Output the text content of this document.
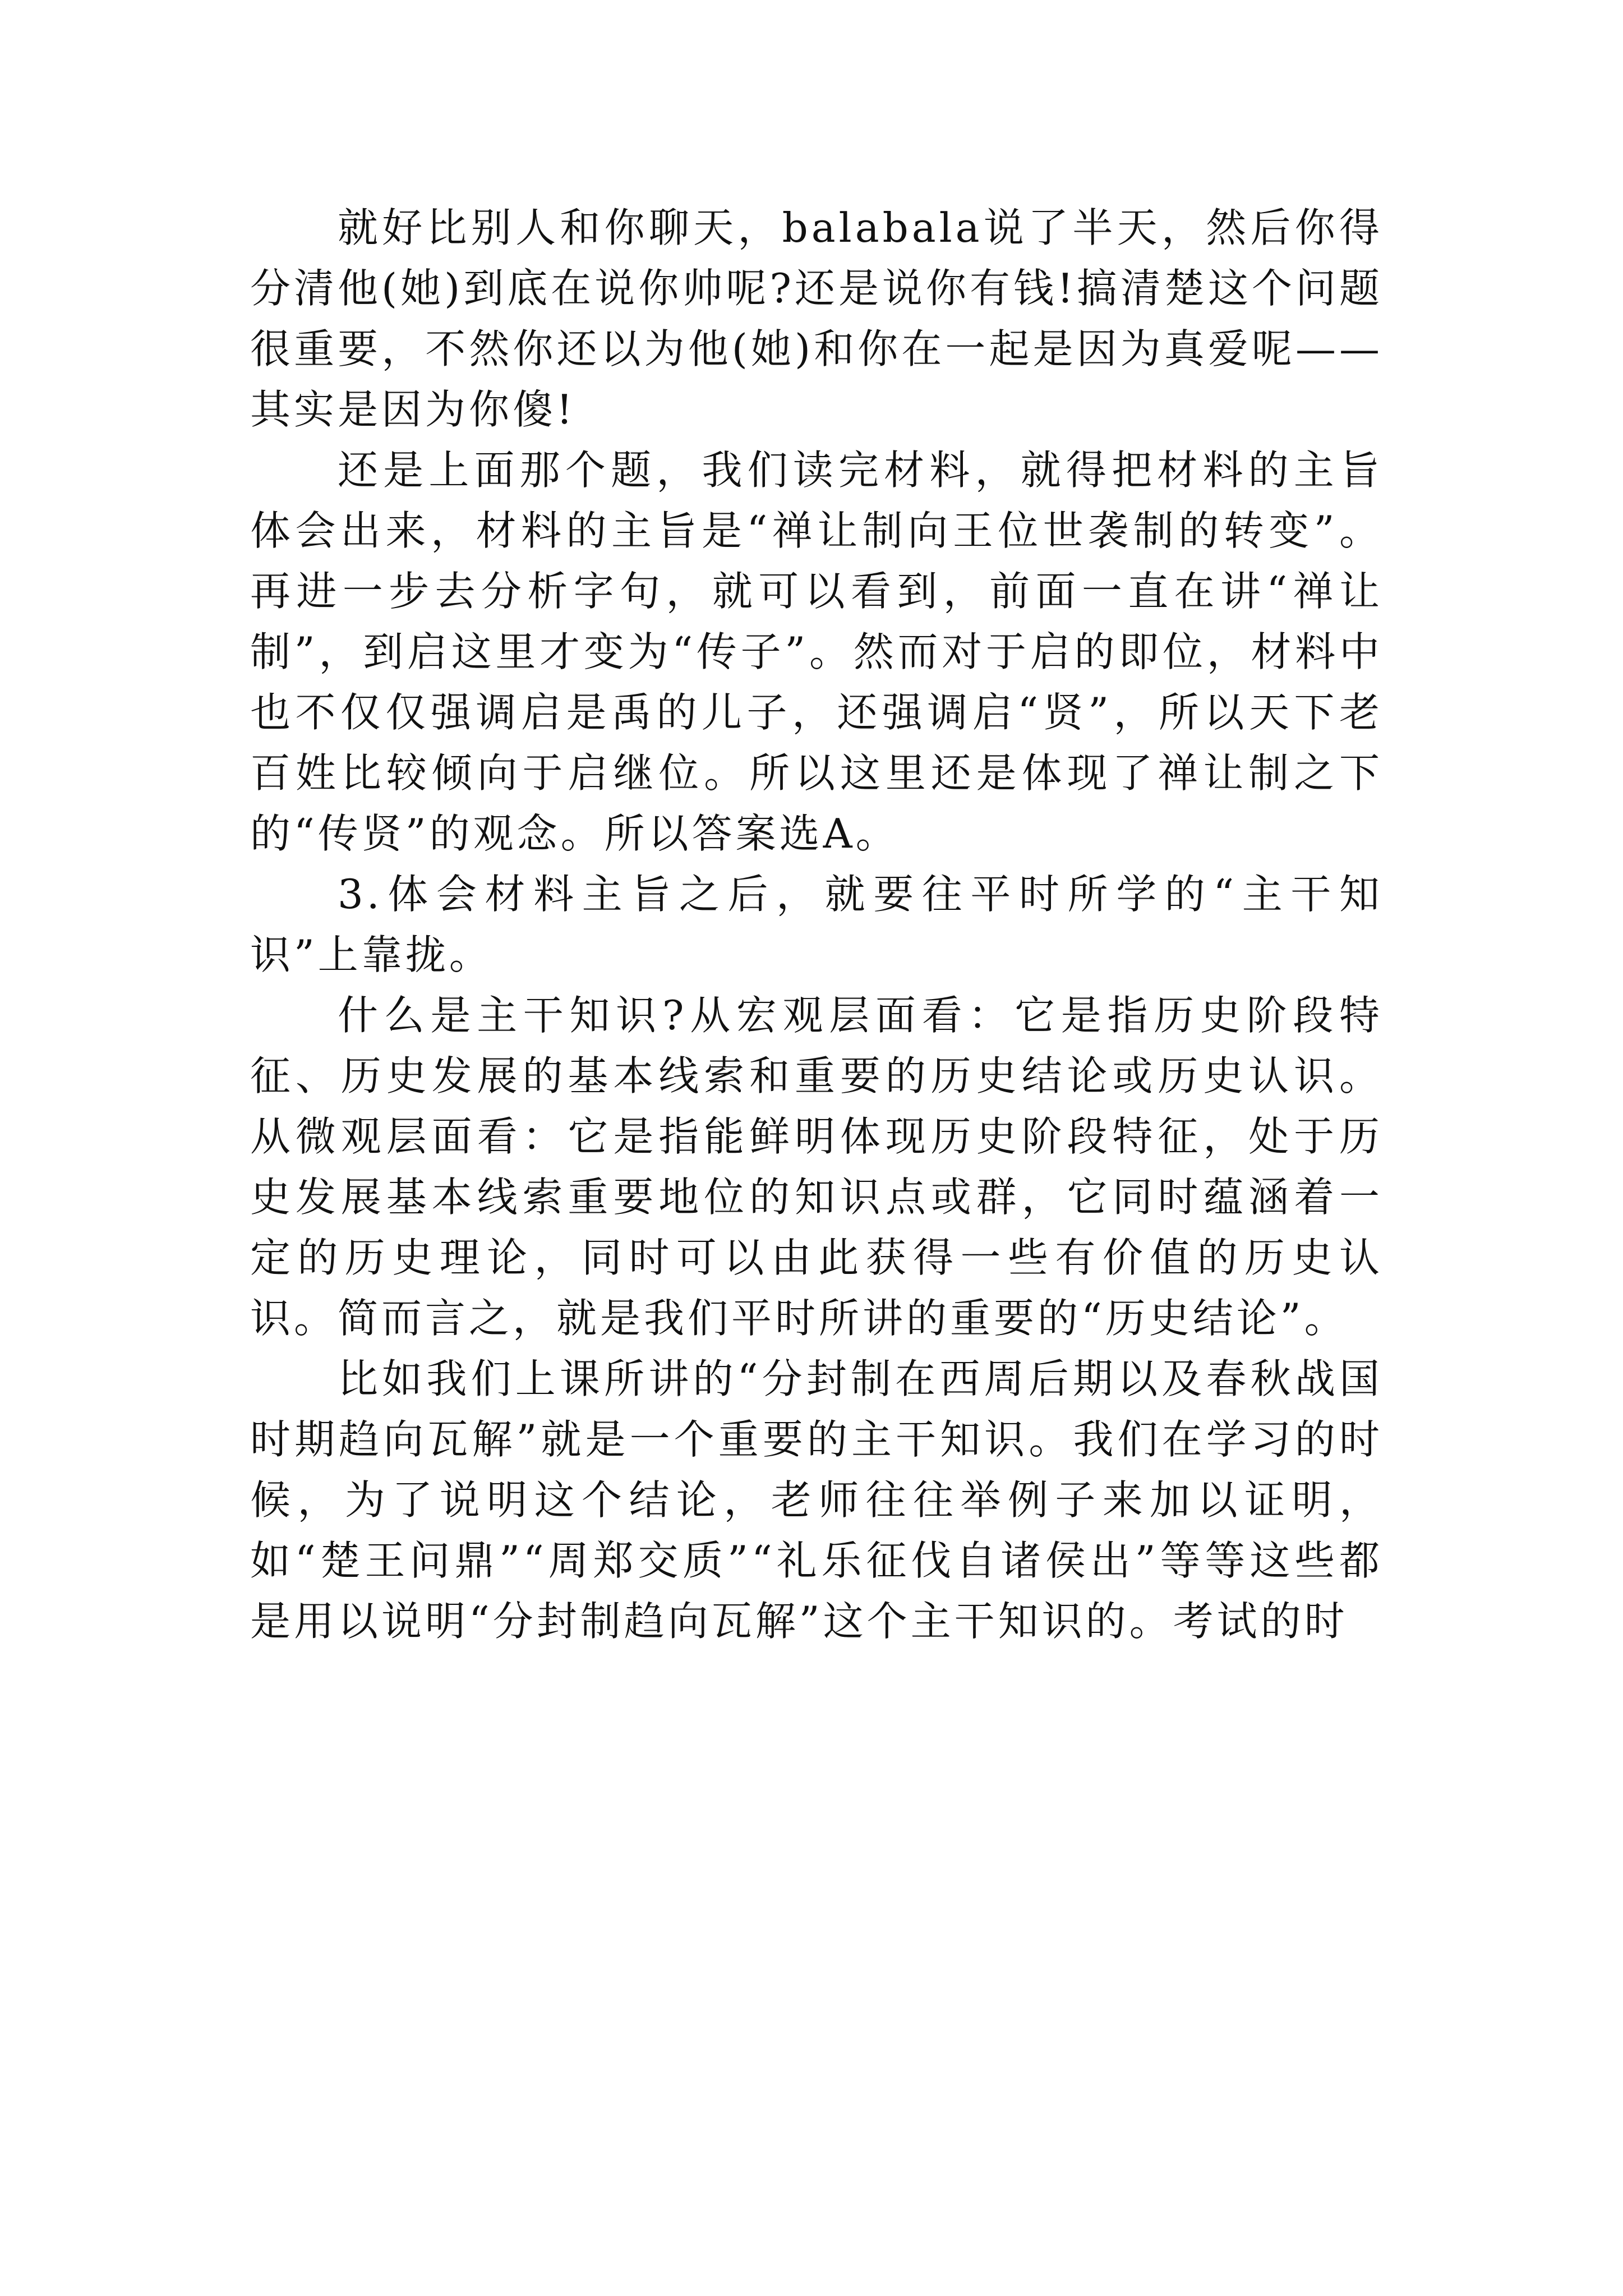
就好比别人和你聊天，balabala说了半天，然后你得分清他(她)到底在说你帅呢?还是说你有钱!搞清楚这个问题很重要，不然你还以为他(她)和你在一起是因为真爱呢——其实是因为你傻!

还是上面那个题，我们读完材料，就得把材料的主旨体会出来，材料的主旨是“禅让制向王位世袭制的转变”。再进一步去分析字句，就可以看到，前面一直在讲“禅让制”，到启这里才变为“传子”。然而对于启的即位，材料中也不仅仅强调启是禹的儿子，还强调启“贤”，所以天下老百姓比较倾向于启继位。所以这里还是体现了禅让制之下的“传贤”的观念。所以答案选A。

3.体会材料主旨之后，就要往平时所学的“主干知识”上靠拢。

什么是主干知识?从宏观层面看：它是指历史阶段特征、历史发展的基本线索和重要的历史结论或历史认识。从微观层面看：它是指能鲜明体现历史阶段特征，处于历史发展基本线索重要地位的知识点或群，它同时蕴涵着一定的历史理论，同时可以由此获得一些有价值的历史认识。简而言之，就是我们平时所讲的重要的“历史结论”。

比如我们上课所讲的“分封制在西周后期以及春秋战国时期趋向瓦解”就是一个重要的主干知识。我们在学习的时候，为了说明这个结论，老师往往举例子来加以证明，如“楚王问鼎”“周郑交质”“礼乐征伐自诸侯出”等等这些都是用以说明“分封制趋向瓦解”这个主干知识的。考试的时
